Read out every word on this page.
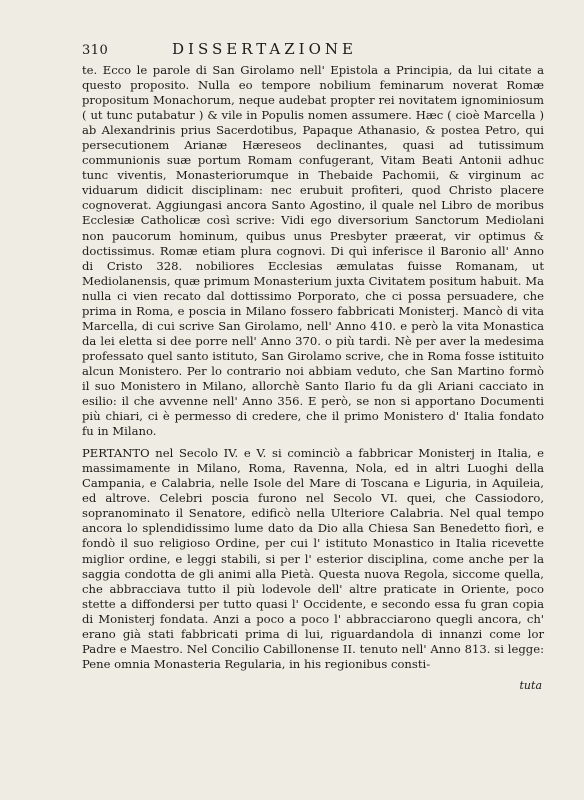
310	DISSERTAZIONE

te. Ecco le parole di San Girolamo nell' Epistola a Principia, da lui citate a questo proposito. Nulla eo tempore nobilium feminarum noverat Romæ propositum Monachorum, neque audebat propter rei novitatem ignominiosum ( ut tunc putabatur ) & vile in Populis nomen assumere. Hæc ( cioè Marcella ) ab Alexandrinis prius Sacerdotibus, Papaque Athanasio, & postea Petro, qui persecutionem Arianæ Hæreseos declinantes, quasi ad tutissimum communionis suæ portum Romam confugerant, Vitam Beati Antonii adhuc tunc viventis, Monasteriorumque in Thebaide Pachomii, & virginum ac viduarum didicit disciplinam: nec erubuit profiteri, quod Christo placere cognoverat. Aggiungasi ancora Santo Agostino, il quale nel Libro de moribus Ecclesiæ Catholicæ così scrive: Vidi ego diversorium Sanctorum Mediolani non paucorum hominum, quibus unus Presbyter præerat, vir optimus & doctissimus. Romæ etiam plura cognovi. Di quì inferisce il Baronio all' Anno di Cristo 328. nobiliores Ecclesias æmulatas fuisse Romanam, ut Mediolanensis, quæ primum Monasterium juxta Civitatem positum habuit. Ma nulla ci vien recato dal dottissimo Porporato, che ci possa persuadere, che prima in Roma, e poscia in Milano fossero fabbricati Monisterj. Mancò di vita Marcella, di cui scrive San Girolamo, nell' Anno 410. e però la vita Monastica da lei eletta si dee porre nell' Anno 370. o più tardi. Nè per aver la medesima professato quel santo istituto, San Girolamo scrive, che in Roma fosse istituito alcun Monistero. Per lo contrario noi abbiam veduto, che San Martino formò il suo Monistero in Milano, allorchè Santo Ilario fu da gli Ariani cacciato in esilio: il che avvenne nell' Anno 356. E però, se non si apportano Documenti più chiari, ci è permesso di credere, che il primo Monistero d' Italia fondato fu in Milano.

PERTANTO nel Secolo IV. e V. si cominciò a fabbricar Monisterj in Italia, e massimamente in Milano, Roma, Ravenna, Nola, ed in altri Luoghi della Campania, e Calabria, nelle Isole del Mare di Toscana e Liguria, in Aquileia, ed altrove. Celebri poscia furono nel Secolo VI. quei, che Cassiodoro, sopranominato il Senatore, edificò nella Ulteriore Calabria. Nel qual tempo ancora lo splendidissimo lume dato da Dio alla Chiesa San Benedetto fiorì, e fondò il suo religioso Ordine, per cui l' istituto Monastico in Italia ricevette miglior ordine, e leggi stabili, si per l' esterior disciplina, come anche per la saggia condotta de gli animi alla Pietà. Questa nuova Regola, siccome quella, che abbracciava tutto il più lodevole dell' altre praticate in Oriente, poco stette a diffondersi per tutto quasi l' Occidente, e secondo essa fu gran copia di Monisterj fondata. Anzi a poco a poco l' abbracciarono quegli ancora, ch' erano già stati fabbricati prima di lui, riguardandola di innanzi come lor Padre e Maestro. Nel Concilio Cabillonense II. tenuto nell' Anno 813. si legge: Pene omnia Monasteria Regularia, in his regionibus consti-

tuta
